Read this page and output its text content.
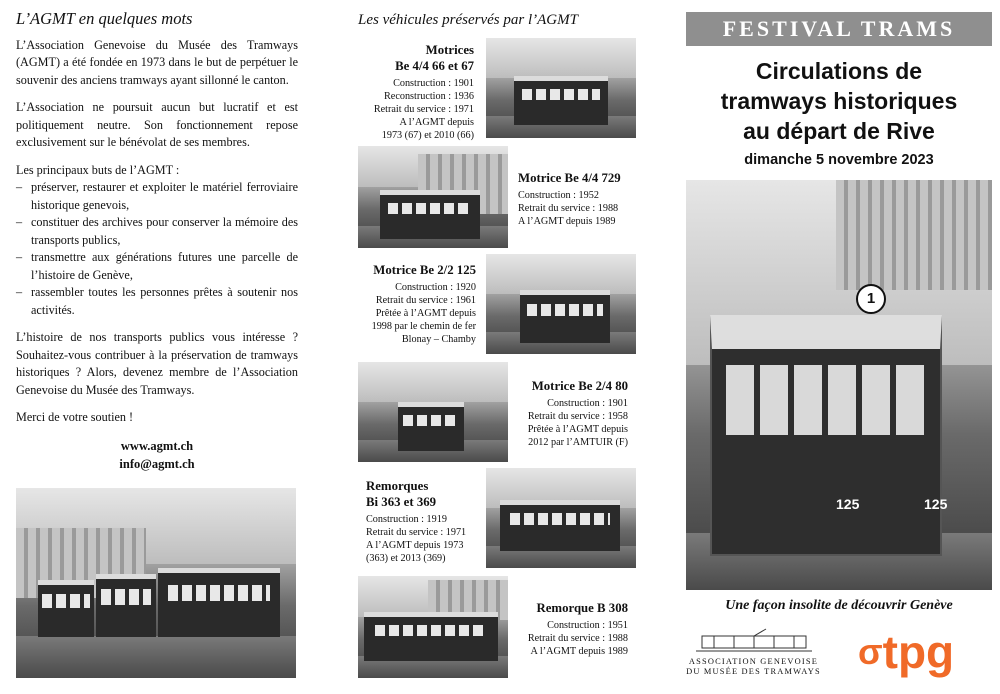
L’AGMT en quelques mots

L’Association Genevoise du Musée des Tramways (AGMT) a été fondée en 1973 dans le but de perpétuer le souvenir des anciens tramways ayant sillonné le canton.

L’Association ne poursuit aucun but lucratif et est politiquement neutre. Son fonctionnement repose exclusivement sur le bénévolat de ses membres.

Les principaux buts de l’AGMT :

– préserver, restaurer et exploiter le matériel ferroviaire historique genevois,
– constituer des archives pour conserver la mémoire des transports publics,
– transmettre aux générations futures une parcelle de l’histoire de Genève,
– rassembler toutes les personnes prêtes à soutenir nos activités.

L’histoire de nos transports publics vous intéresse ? Souhaitez-vous contribuer à la préservation de tramways historiques ? Alors, devenez membre de l’Association Genevoise du Musée des Tramways.

Merci de votre soutien !

www.agmt.ch
info@agmt.ch
Les véhicules préservés par l’AGMT
Motrices
Be 4/4 66 et 67
Construction : 1901
Reconstruction : 1936
Retrait du service : 1971
A l’AGMT depuis
1973 (67) et 2010 (66)
Motrice Be 4/4 729
Construction : 1952
Retrait du service : 1988
A l’AGMT depuis 1989
Motrice Be 2/2 125
Construction : 1920
Retrait du service : 1961
Prêtée à l’AGMT depuis
1998 par le chemin de fer
Blonay – Chamby
Motrice Be 2/4 80
Construction : 1901
Retrait du service : 1958
Prêtée à l’AGMT depuis
2012 par l’AMTUIR (F)
Remorques
Bi 363 et 369
Construction : 1919
Retrait du service : 1971
A l’AGMT depuis 1973
(363) et 2013 (369)
Remorque B 308
Construction : 1951
Retrait du service : 1988
A l’AGMT depuis 1989
FESTIVAL TRAMS
Circulations de
tramways historiques
au départ de Rive
dimanche 5 novembre 2023
1
125	125
Une façon insolite de découvrir Genève
ASSOCIATION GENEVOISE
DU MUSÉE DES TRAMWAYS σtpg
